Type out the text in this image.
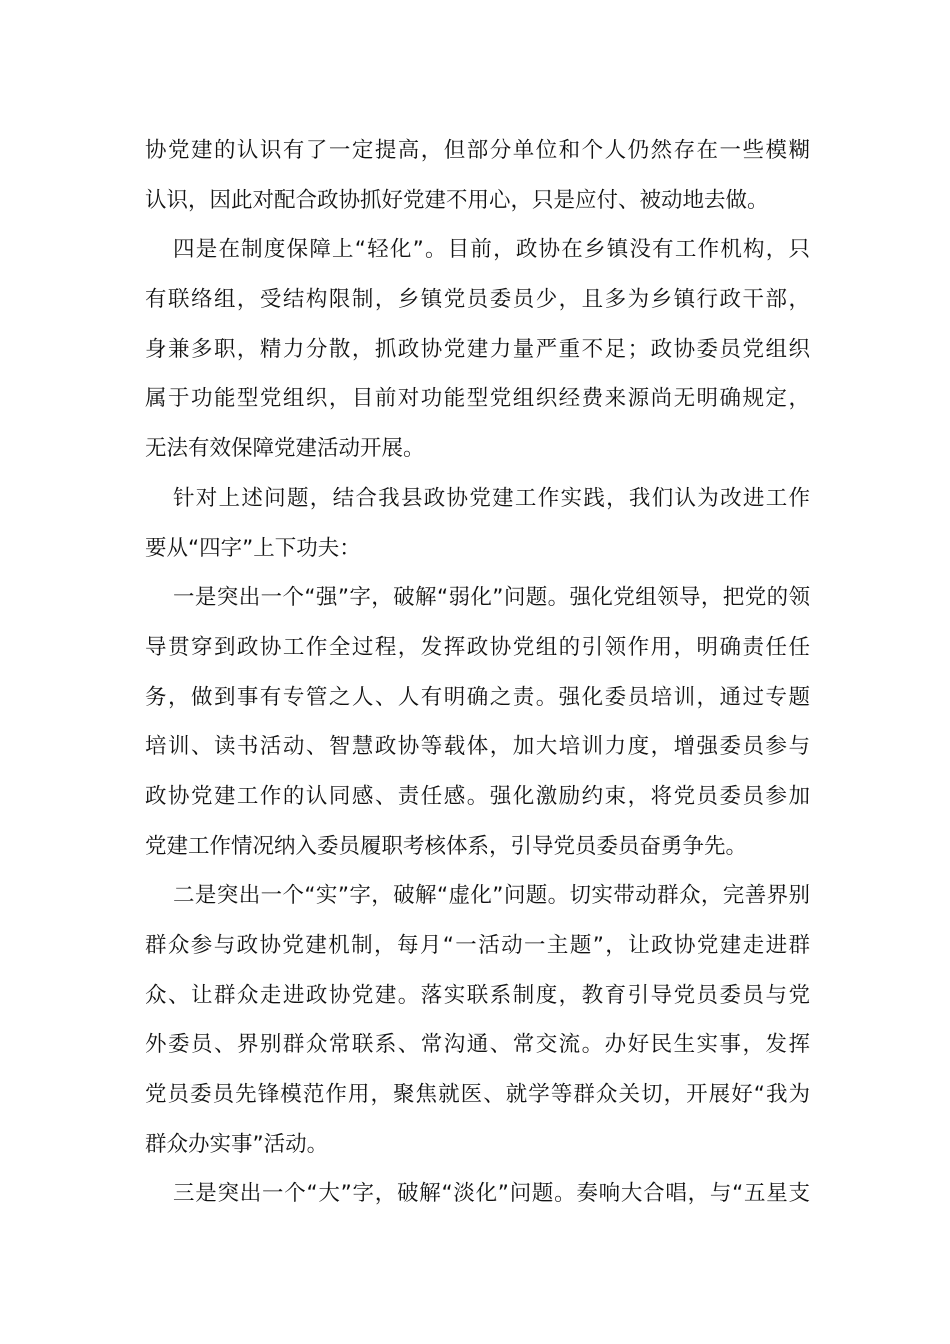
协党建的认识有了一定提高，但部分单位和个人仍然存在一些模糊
认识，因此对配合政协抓好党建不用心，只是应付、被动地去做。
四是在制度保障上“轻化”。目前，政协在乡镇没有工作机构，只
有联络组，受结构限制，乡镇党员委员少，且多为乡镇行政干部，
身兼多职，精力分散，抓政协党建力量严重不足；政协委员党组织
属于功能型党组织，目前对功能型党组织经费来源尚无明确规定，
无法有效保障党建活动开展。
针对上述问题，结合我县政协党建工作实践，我们认为改进工作
要从“四字”上下功夫：
一是突出一个“强”字，破解“弱化”问题。强化党组领导，把党的领
导贯穿到政协工作全过程，发挥政协党组的引领作用，明确责任任
务，做到事有专管之人、人有明确之责。强化委员培训，通过专题
培训、读书活动、智慧政协等载体，加大培训力度，增强委员参与
政协党建工作的认同感、责任感。强化激励约束，将党员委员参加
党建工作情况纳入委员履职考核体系，引导党员委员奋勇争先。
二是突出一个“实”字，破解“虚化”问题。切实带动群众，完善界别
群众参与政协党建机制，每月“一活动一主题”，让政协党建走进群
众、让群众走进政协党建。落实联系制度，教育引导党员委员与党
外委员、界别群众常联系、常沟通、常交流。办好民生实事，发挥
党员委员先锋模范作用，聚焦就医、就学等群众关切，开展好“我为
群众办实事”活动。
三是突出一个“大”字，破解“淡化”问题。奏响大合唱，与“五星支
